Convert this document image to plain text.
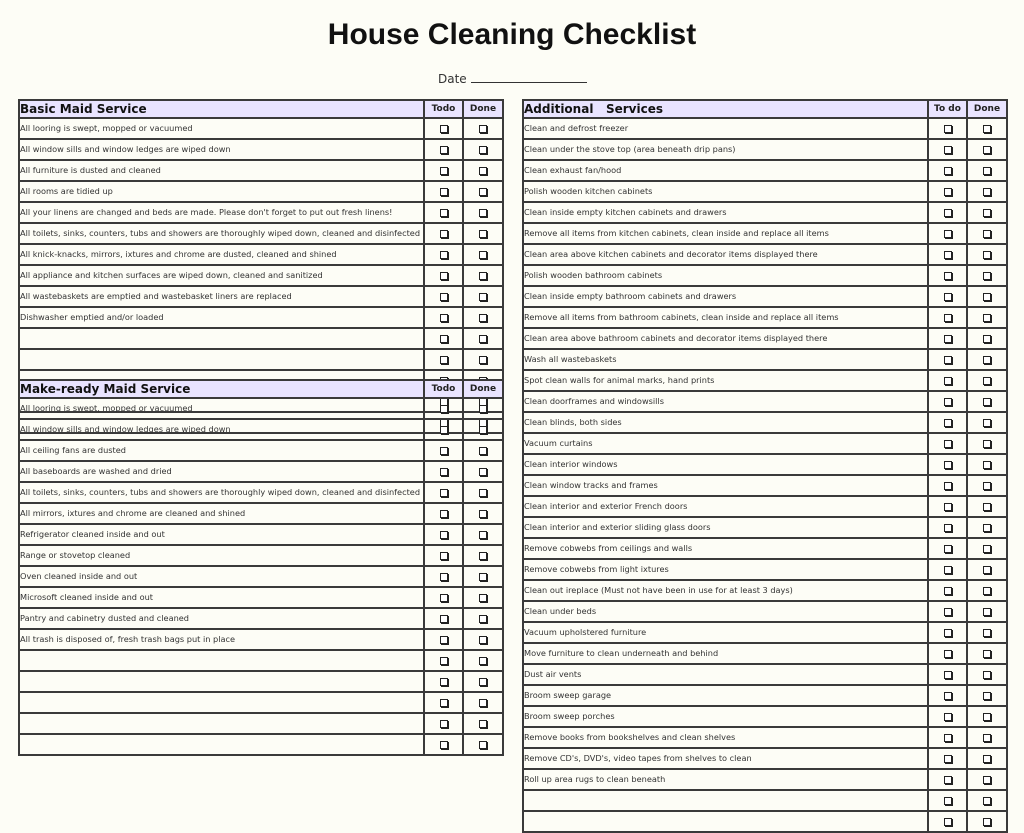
House Cleaning Checklist
Date
Basic Maid Service	Todo	Done
All looring is swept, mopped or vacuumed		
All window sills and window ledges are wiped down		
All furniture is dusted and cleaned		
All rooms are tidied up		
All your linens are changed and beds are made. Please don't forget to put out fresh linens!		
All toilets, sinks, counters, tubs and showers are thoroughly wiped down, cleaned and disinfected		
All knick-knacks, mirrors, ixtures and chrome are dusted, cleaned and shined		
All appliance and kitchen surfaces are wiped down, cleaned and sanitized		
All wastebaskets are emptied and wastebasket liners are replaced		
Dishwasher emptied and/or loaded		

Make-ready Maid Service	Todo	Done
All looring is swept, mopped or vacuumed		
All window sills and window ledges are wiped down		
All ceiling fans are dusted		
All baseboards are washed and dried		
All toilets, sinks, counters, tubs and showers are thoroughly wiped down, cleaned and disinfected		
All mirrors, ixtures and chrome are cleaned and shined		
Refrigerator cleaned inside and out		
Range or stovetop cleaned		
Oven cleaned inside and out		
Microsoft cleaned inside and out		
Pantry and cabinetry dusted and cleaned		
All trash is disposed of, fresh trash bags put in place		

Additional   Services	To do	Done
Clean and defrost freezer		
Clean under the stove top (area beneath drip pans)		
Clean exhaust fan/hood		
Polish wooden kitchen cabinets		
Clean inside empty kitchen cabinets and drawers		
Remove all items from kitchen cabinets, clean inside and replace all items		
Clean area above kitchen cabinets and decorator items displayed there		
Polish wooden bathroom cabinets		
Clean inside empty bathroom cabinets and drawers		
Remove all items from bathroom cabinets, clean inside and replace all items		
Clean area above bathroom cabinets and decorator items displayed there		
Wash all wastebaskets		
Spot clean walls for animal marks, hand prints		
Clean doorframes and windowsills		
Clean blinds, both sides		
Vacuum curtains		
Clean interior windows		
Clean window tracks and frames		
Clean interior and exterior French doors		
Clean interior and exterior sliding glass doors		
Remove cobwebs from ceilings and walls		
Remove cobwebs from light ixtures		
Clean out ireplace (Must not have been in use for at least 3 days)		
Clean under beds		
Vacuum upholstered furniture		
Move furniture to clean underneath and behind		
Dust air vents		
Broom sweep garage		
Broom sweep porches		
Remove books from bookshelves and clean shelves		
Remove CD's, DVD's, video tapes from shelves to clean		
Roll up area rugs to clean beneath		
